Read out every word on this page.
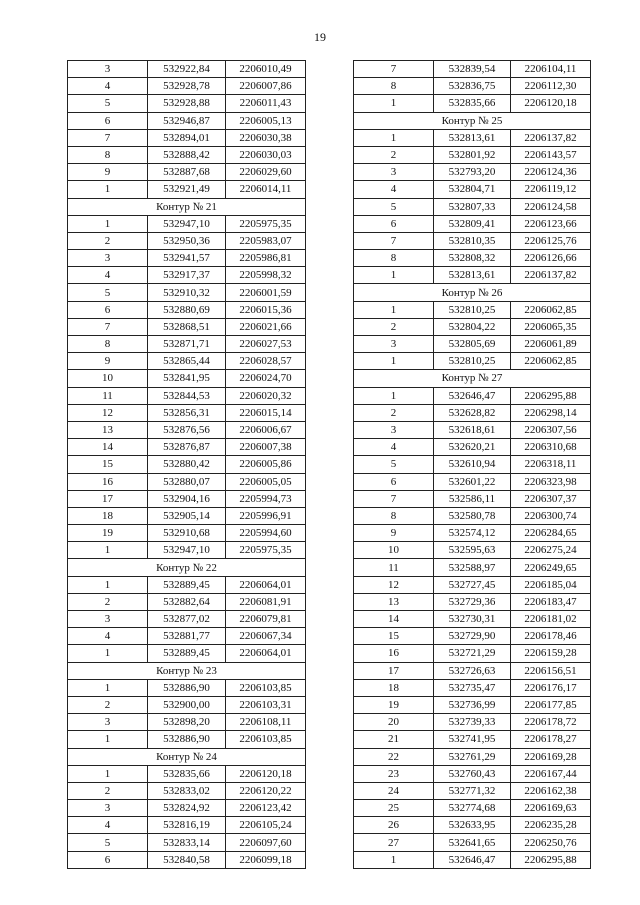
19
3	532922,84	2206010,49
4	532928,78	2206007,86
5	532928,88	2206011,43
6	532946,87	2206005,13
7	532894,01	2206030,38
8	532888,42	2206030,03
9	532887,68	2206029,60
1	532921,49	2206014,11
Контур № 21		
1	532947,10	2205975,35
2	532950,36	2205983,07
3	532941,57	2205986,81
4	532917,37	2205998,32
5	532910,32	2206001,59
6	532880,69	2206015,36
7	532868,51	2206021,66
8	532871,71	2206027,53
9	532865,44	2206028,57
10	532841,95	2206024,70
11	532844,53	2206020,32
12	532856,31	2206015,14
13	532876,56	2206006,67
14	532876,87	2206007,38
15	532880,42	2206005,86
16	532880,07	2206005,05
17	532904,16	2205994,73
18	532905,14	2205996,91
19	532910,68	2205994,60
1	532947,10	2205975,35
Контур № 22		
1	532889,45	2206064,01
2	532882,64	2206081,91
3	532877,02	2206079,81
4	532881,77	2206067,34
1	532889,45	2206064,01
Контур № 23		
1	532886,90	2206103,85
2	532900,00	2206103,31
3	532898,20	2206108,11
1	532886,90	2206103,85
Контур № 24		
1	532835,66	2206120,18
2	532833,02	2206120,22
3	532824,92	2206123,42
4	532816,19	2206105,24
5	532833,14	2206097,60
6	532840,58	2206099,18
7	532839,54	2206104,11
8	532836,75	2206112,30
1	532835,66	2206120,18
Контур № 25		
1	532813,61	2206137,82
2	532801,92	2206143,57
3	532793,20	2206124,36
4	532804,71	2206119,12
5	532807,33	2206124,58
6	532809,41	2206123,66
7	532810,35	2206125,76
8	532808,32	2206126,66
1	532813,61	2206137,82
Контур № 26		
1	532810,25	2206062,85
2	532804,22	2206065,35
3	532805,69	2206061,89
1	532810,25	2206062,85
Контур № 27		
1	532646,47	2206295,88
2	532628,82	2206298,14
3	532618,61	2206307,56
4	532620,21	2206310,68
5	532610,94	2206318,11
6	532601,22	2206323,98
7	532586,11	2206307,37
8	532580,78	2206300,74
9	532574,12	2206284,65
10	532595,63	2206275,24
11	532588,97	2206249,65
12	532727,45	2206185,04
13	532729,36	2206183,47
14	532730,31	2206181,02
15	532729,90	2206178,46
16	532721,29	2206159,28
17	532726,63	2206156,51
18	532735,47	2206176,17
19	532736,99	2206177,85
20	532739,33	2206178,72
21	532741,95	2206178,27
22	532761,29	2206169,28
23	532760,43	2206167,44
24	532771,32	2206162,38
25	532774,68	2206169,63
26	532633,95	2206235,28
27	532641,65	2206250,76
1	532646,47	2206295,88
